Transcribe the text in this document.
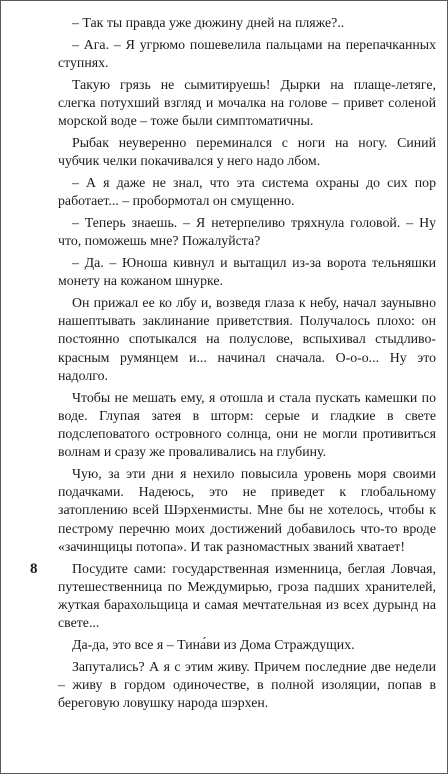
8

– Так ты правда уже дюжину дней на пляже?..

– Ага. – Я угрюмо пошевелила пальцами на перепачканных ступнях.

Такую грязь не сымитируешь! Дырки на плаще-летяге, слегка потухший взгляд и мочалка на голове – привет соленой морской воде – тоже были симптоматичны.

Рыбак неуверенно переминался с ноги на ногу. Синий чубчик челки покачивался у него надо лбом.

– А я даже не знал, что эта система охраны до сих пор работает... – пробормотал он смущенно.

– Теперь знаешь. – Я нетерпеливо тряхнула головой. – Ну что, поможешь мне? Пожалуйста?

– Да. – Юноша кивнул и вытащил из-за ворота тельняшки монету на кожаном шнурке.

Он прижал ее ко лбу и, возведя глаза к небу, начал заунывно нашептывать заклинание приветствия. Получалось плохо: он постоянно спотыкался на полуслове, вспыхивал стыдливо-красным румянцем и... начинал сначала. О-о-о... Ну это надолго.

Чтобы не мешать ему, я отошла и стала пускать камешки по воде. Глупая затея в шторм: серые и гладкие в свете подслеповатого островного солнца, они не могли противиться волнам и сразу же проваливались на глубину.

Чую, за эти дни я нехило повысила уровень моря своими подачками. Надеюсь, это не приведет к глобальному затоплению всей Шэрхенмисты. Мне бы не хотелось, чтобы к пестрому перечню моих достижений добавилось что-то вроде «зачинщицы потопа». И так разномастных званий хватает!

Посудите сами: государственная изменница, беглая Ловчая, путешественница по Междумирью, гроза падших хранителей, жуткая барахольщица и самая мечтательная из всех дурынд на свете...

Да-да, это все я – Тина́ви из Дома Страждущих.

Запутались? А я с этим живу. Причем последние две недели – живу в гордом одиночестве, в полной изоляции, попав в береговую ловушку народа шэрхен.
